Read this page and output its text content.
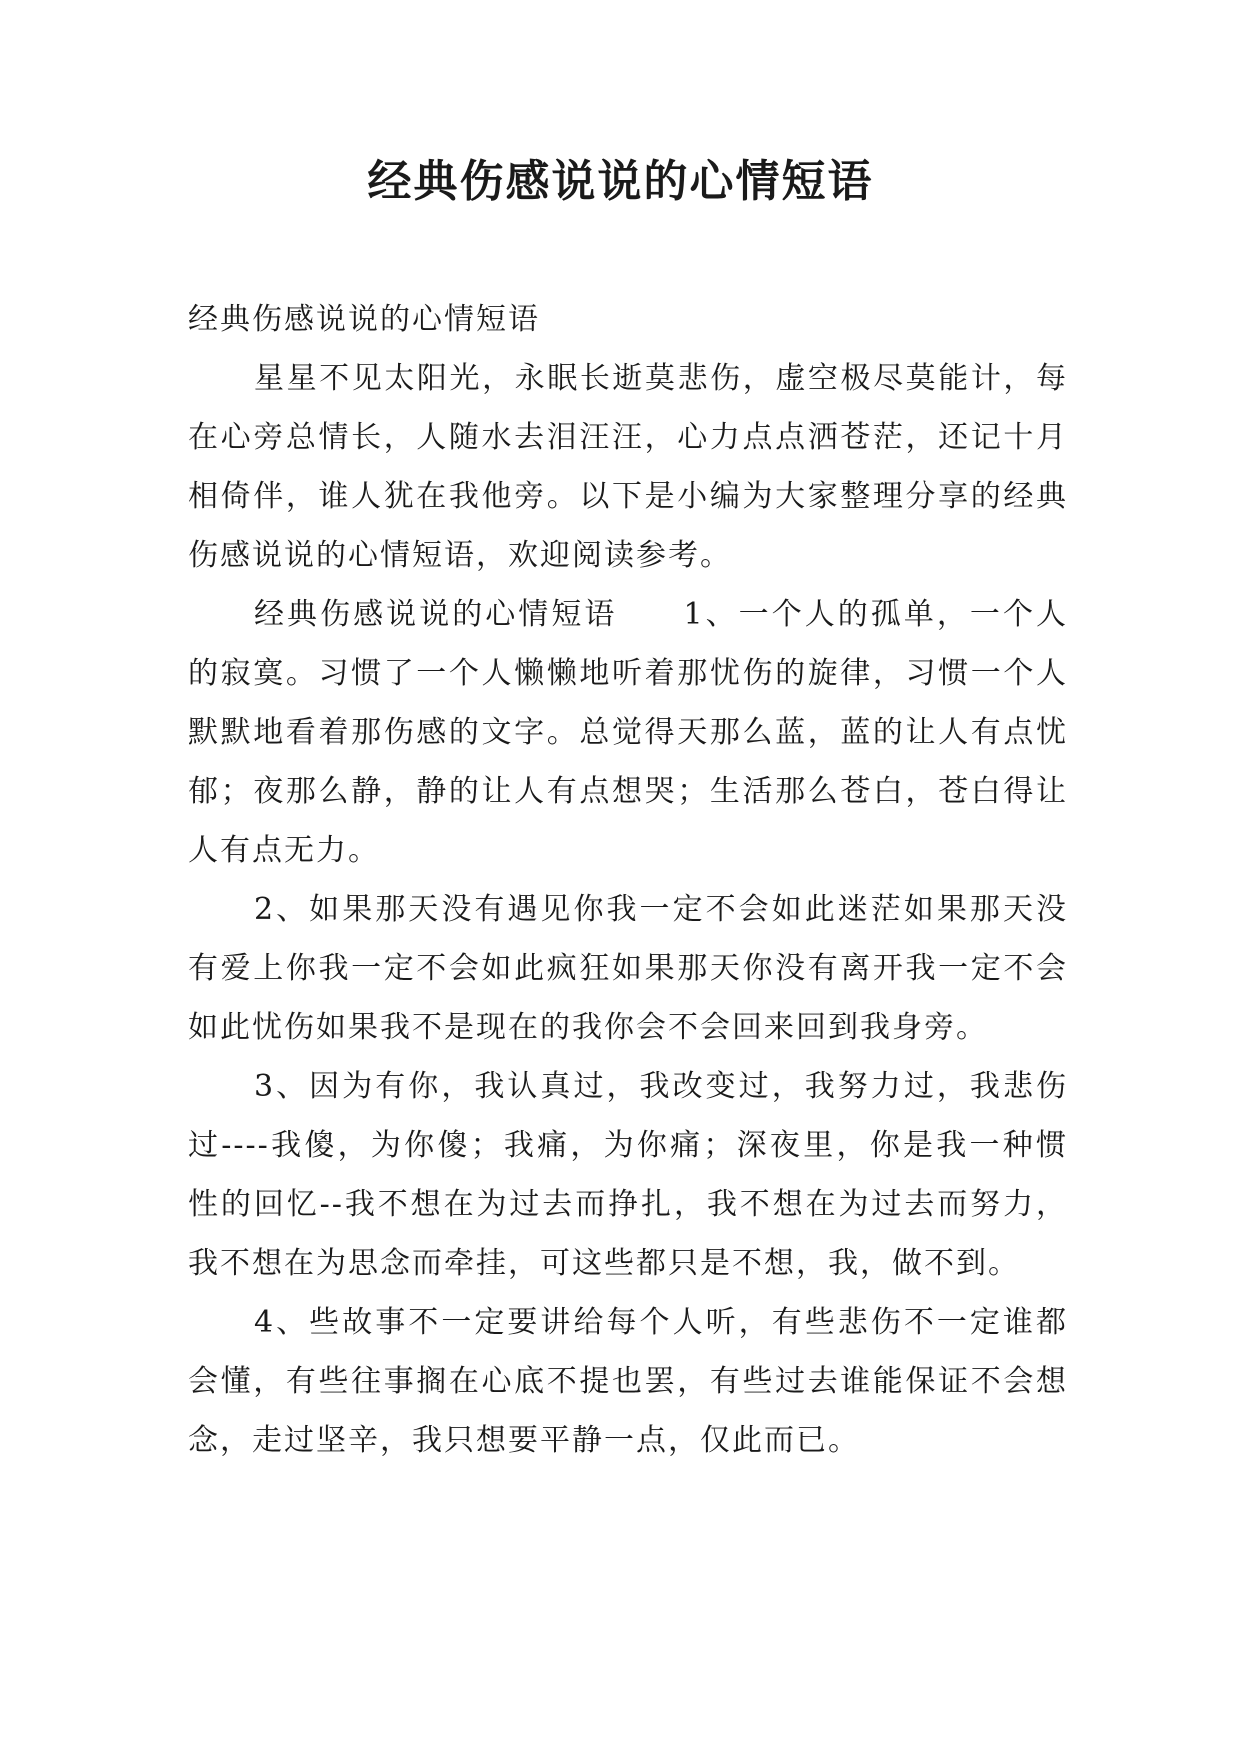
经典伤感说说的心情短语

经典伤感说说的心情短语

星星不见太阳光，永眠长逝莫悲伤，虚空极尽莫能计，每在心旁总情长，人随水去泪汪汪，心力点点洒苍茫，还记十月相倚伴，谁人犹在我他旁。以下是小编为大家整理分享的经典伤感说说的心情短语，欢迎阅读参考。

经典伤感说说的心情短语　　1、一个人的孤单，一个人的寂寞。习惯了一个人懒懒地听着那忧伤的旋律，习惯一个人默默地看着那伤感的文字。总觉得天那么蓝，蓝的让人有点忧郁；夜那么静，静的让人有点想哭；生活那么苍白，苍白得让人有点无力。

2、如果那天没有遇见你我一定不会如此迷茫如果那天没有爱上你我一定不会如此疯狂如果那天你没有离开我一定不会如此忧伤如果我不是现在的我你会不会回来回到我身旁。

3、因为有你，我认真过，我改变过，我努力过，我悲伤过----我傻，为你傻；我痛，为你痛；深夜里，你是我一种惯性的回忆--我不想在为过去而挣扎，我不想在为过去而努力，我不想在为思念而牵挂，可这些都只是不想，我，做不到。

4、些故事不一定要讲给每个人听，有些悲伤不一定谁都会懂，有些往事搁在心底不提也罢，有些过去谁能保证不会想念，走过坚辛，我只想要平静一点，仅此而已。
